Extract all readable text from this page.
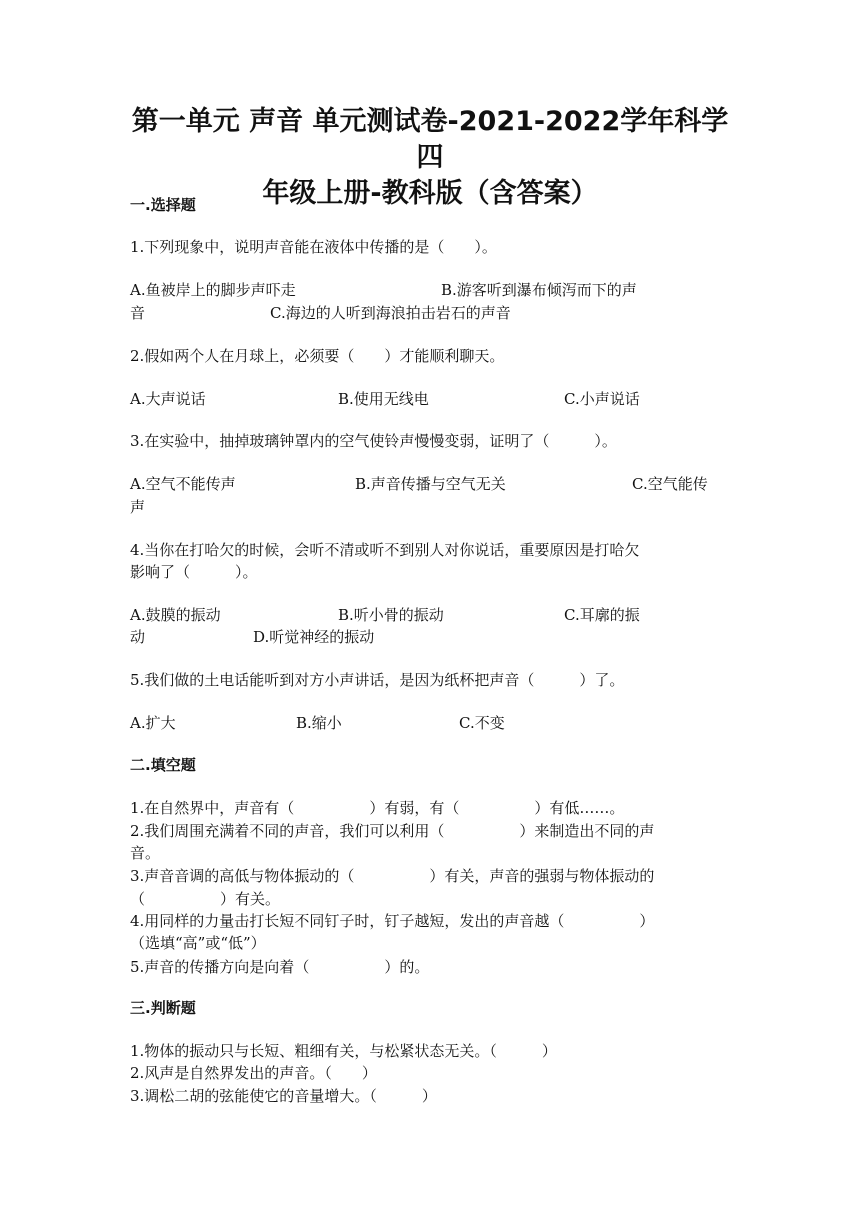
第一单元 声音 单元测试卷-2021-2022学年科学四
年级上册-教科版（含答案）
一.选择题
1.下列现象中，说明声音能在液体中传播的是（　　）。
A.鱼被岸上的脚步声吓走	B.游客听到瀑布倾泻而下的声
音	C.海边的人听到海浪拍击岩石的声音
2.假如两个人在月球上，必须要（　　）才能顺利聊天。
A.大声说话	B.使用无线电	C.小声说话
3.在实验中，抽掉玻璃钟罩内的空气使铃声慢慢变弱，证明了（　　　）。
A.空气不能传声	B.声音传播与空气无关	C.空气能传
声
4.当你在打哈欠的时候，会听不清或听不到别人对你说话，重要原因是打哈欠
影响了（　　　）。
A.鼓膜的振动	B.听小骨的振动	C.耳廓的振
动	D.听觉神经的振动
5.我们做的土电话能听到对方小声讲话，是因为纸杯把声音（　　　）了。
A.扩大	B.缩小	C.不变
二.填空题
1.在自然界中，声音有（　　　　　）有弱，有（　　　　　）有低……。
2.我们周围充满着不同的声音，我们可以利用（　　　　　）来制造出不同的声
音。
3.声音音调的高低与物体振动的（　　　　　）有关，声音的强弱与物体振动的
（　　　　　）有关。
4.用同样的力量击打长短不同钉子时，钉子越短，发出的声音越（　　　　　）
（选填“高”或“低”）
5.声音的传播方向是向着（　　　　　）的。
三.判断题
1.物体的振动只与长短、粗细有关，与松紧状态无关。（　　　）
2.风声是自然界发出的声音。（　　）
3.调松二胡的弦能使它的音量增大。（　　　）
